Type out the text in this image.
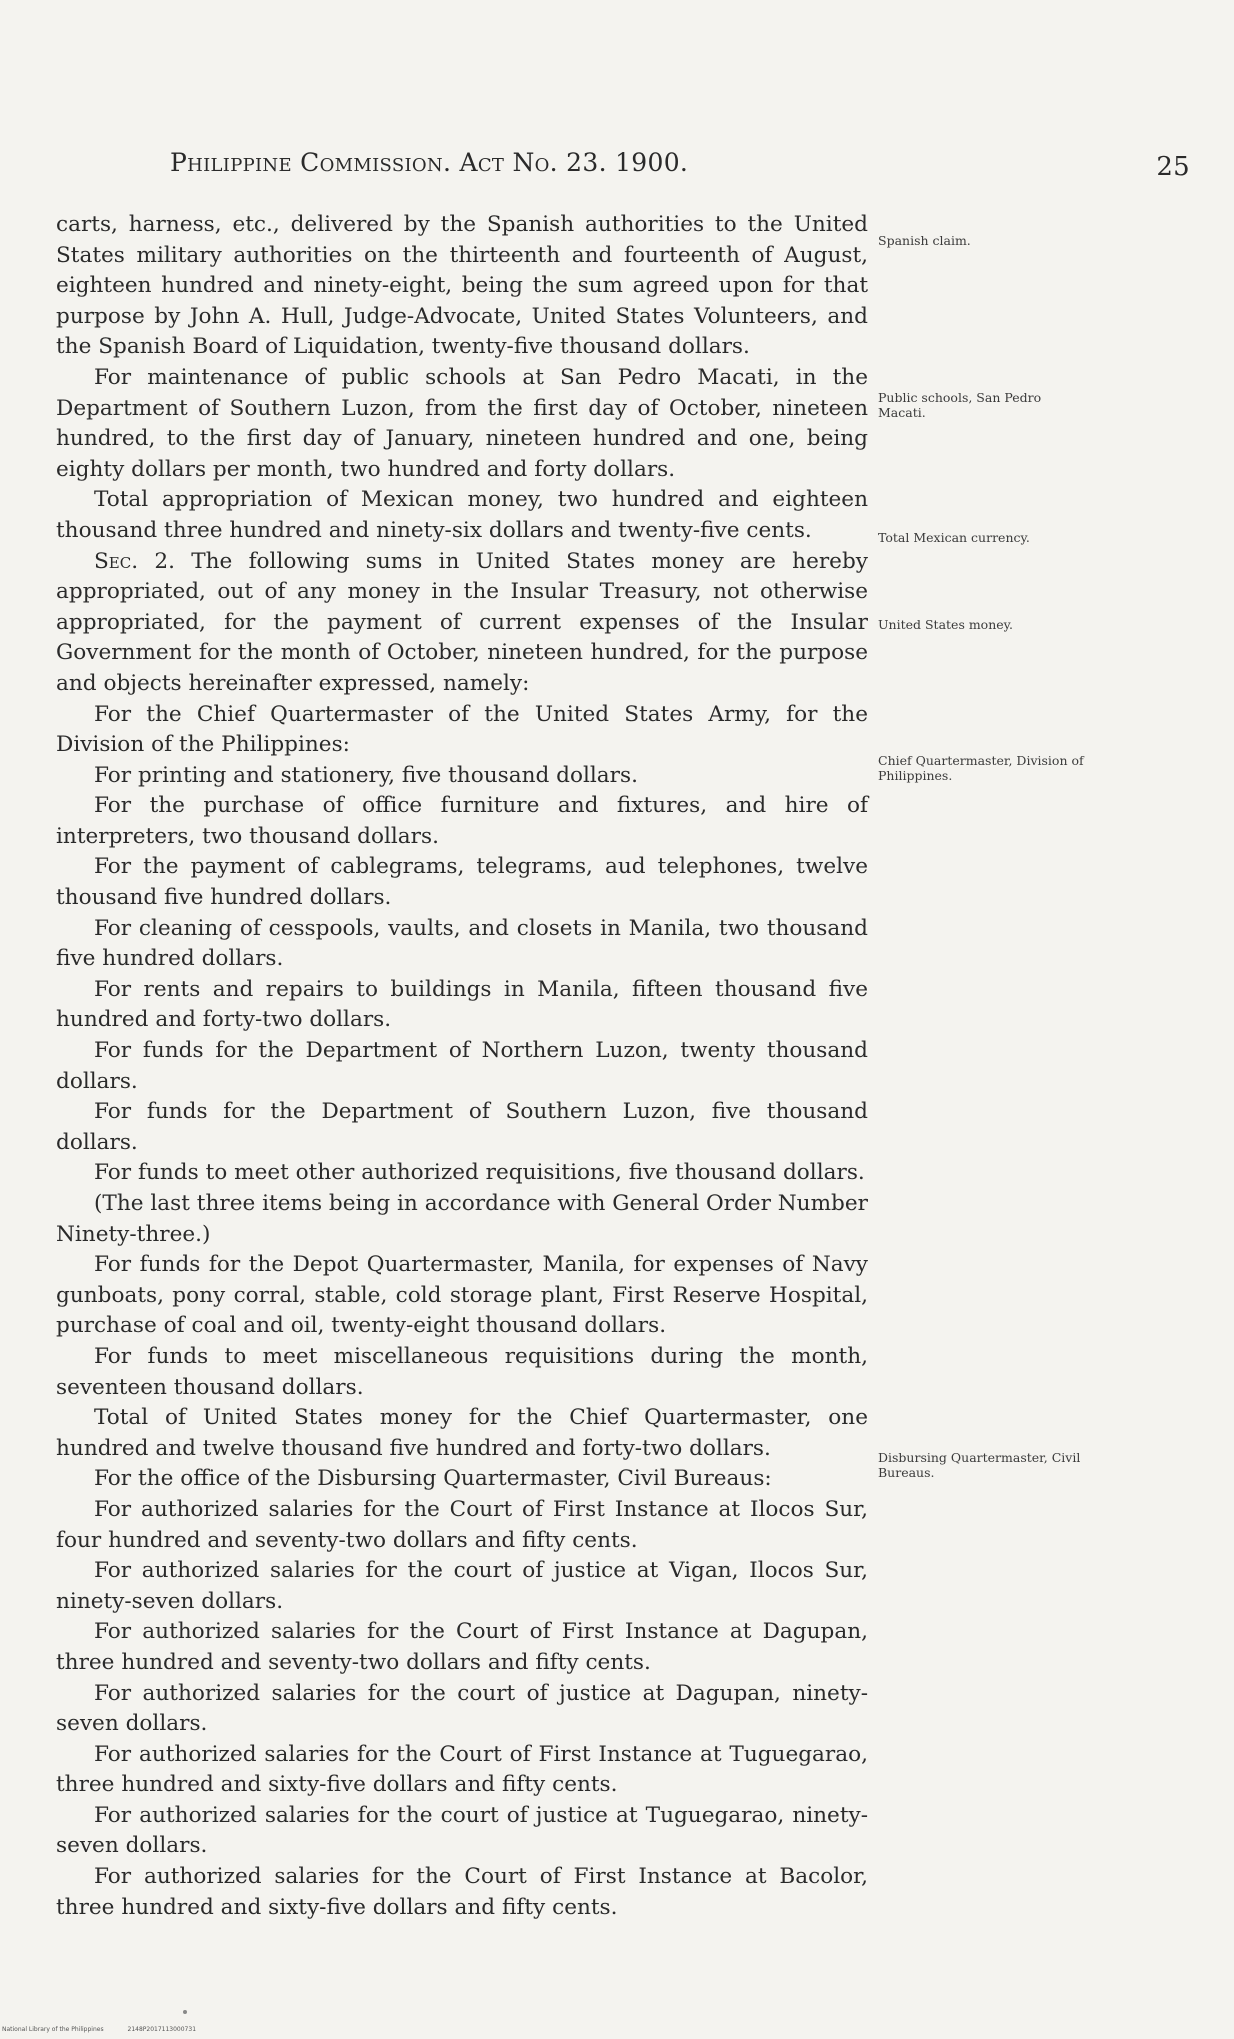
Philippine Commission. Act No. 23. 1900.	25

carts, harness, etc., delivered by the Spanish authorities to the United States military authorities on the thirteenth and fourteenth of August, eighteen hundred and ninety-eight, being the sum agreed upon for that purpose by John A. Hull, Judge-Advocate, United States Volunteers, and the Spanish Board of Liquidation, twenty-five thousand dollars.

For maintenance of public schools at San Pedro Macati, in the Department of Southern Luzon, from the first day of October, nineteen hundred, to the first day of January, nineteen hundred and one, being eighty dollars per month, two hundred and forty dollars.

Total appropriation of Mexican money, two hundred and eighteen thousand three hundred and ninety-six dollars and twenty-five cents.

Sec. 2. The following sums in United States money are hereby appropriated, out of any money in the Insular Treasury, not otherwise appropriated, for the payment of current expenses of the Insular Government for the month of October, nineteen hundred, for the purpose and objects hereinafter expressed, namely:

For the Chief Quartermaster of the United States Army, for the Division of the Philippines:

For printing and stationery, five thousand dollars.

For the purchase of office furniture and fixtures, and hire of interpreters, two thousand dollars.

For the payment of cablegrams, telegrams, aud telephones, twelve thousand five hundred dollars.

For cleaning of cesspools, vaults, and closets in Manila, two thousand five hundred dollars.

For rents and repairs to buildings in Manila, fifteen thousand five hundred and forty-two dollars.

For funds for the Department of Northern Luzon, twenty thousand dollars.

For funds for the Department of Southern Luzon, five thousand dollars.

For funds to meet other authorized requisitions, five thousand dollars.

(The last three items being in accordance with General Order Number Ninety-three.)

For funds for the Depot Quartermaster, Manila, for expenses of Navy gunboats, pony corral, stable, cold storage plant, First Reserve Hospital, purchase of coal and oil, twenty-eight thousand dollars.

For funds to meet miscellaneous requisitions during the month, seventeen thousand dollars.

Total of United States money for the Chief Quartermaster, one hundred and twelve thousand five hundred and forty-two dollars.

For the office of the Disbursing Quartermaster, Civil Bureaus:

For authorized salaries for the Court of First Instance at Ilocos Sur, four hundred and seventy-two dollars and fifty cents.

For authorized salaries for the court of justice at Vigan, Ilocos Sur, ninety-seven dollars.

For authorized salaries for the Court of First Instance at Dagupan, three hundred and seventy-two dollars and fifty cents.

For authorized salaries for the court of justice at Dagupan, ninety-seven dollars.

For authorized salaries for the Court of First Instance at Tuguegarao, three hundred and sixty-five dollars and fifty cents.

For authorized salaries for the court of justice at Tuguegarao, ninety-seven dollars.

For authorized salaries for the Court of First Instance at Bacolor, three hundred and sixty-five dollars and fifty cents.

Spanish claim.
Public schools, San Pedro Macati.
Total Mexican currency.
United States money.
Chief Quartermaster, Division of Philippines.
Disbursing Quartermaster, Civil Bureaus.
National Library of the Philippines	2148P2017113000731
